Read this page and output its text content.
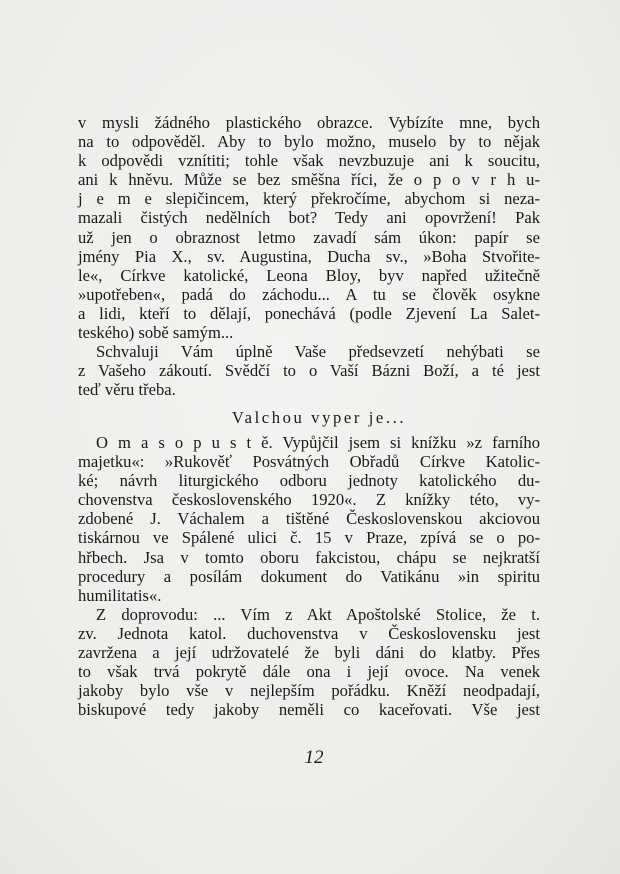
v mysli žádného plastického obrazce. Vybízíte mne, bych
na to odpověděl. Aby to bylo možno, muselo by to nějak
k odpovědi vznítiti; tohle však nevzbuzuje ani k soucitu,
ani k hněvu. Může se bez směšna říci, že o p o v r h u-
j e m e slepičincem, který překročíme, abychom si neza-
mazali čistých nedělních bot? Tedy ani opovržení! Pak
už jen o obraznost letmo zavadí sám úkon: papír se
jmény Pia X., sv. Augustina, Ducha sv., »Boha Stvořite-
le«, Církve katolické, Leona Bloy, byv napřed užitečně
»upotřeben«, padá do záchodu... A tu se člověk osykne
a lidi, kteří to dělají, ponechává (podle Zjevení La Salet-
teského) sobě samým...
Schvaluji Vám úplně Vaše předsevzetí nehýbati se
z Vašeho zákoutí. Svědčí to o Vaší Bázni Boží, a té jest
teď věru třeba.
Valchou vyper je...
O m a s o p u s t ě. Vypůjčil jsem si knížku »z farního
majetku«: »Rukověť Posvátných Obřadů Církve Katolic-
ké; návrh liturgického odboru jednoty katolického du-
chovenstva československého 1920«. Z knížky této, vy-
zdobené J. Váchalem a tištěné Československou akciovou
tiskárnou ve Spálené ulici č. 15 v Praze, zpívá se o po-
hřbech. Jsa v tomto oboru fakcistou, chápu se nejkratší
procedury a posílám dokument do Vatikánu »in spiritu
humilitatis«.
Z doprovodu: ... Vím z Akt Apoštolské Stolice, že t.
zv. Jednota katol. duchovenstva v Československu jest
zavržena a její udržovatelé že byli dáni do klatby. Přes
to však trvá pokrytě dále ona i její ovoce. Na venek
jakoby bylo vše v nejlepším pořádku. Kněží neodpadají,
biskupové tedy jakoby neměli co kaceřovati. Vše jest
12
